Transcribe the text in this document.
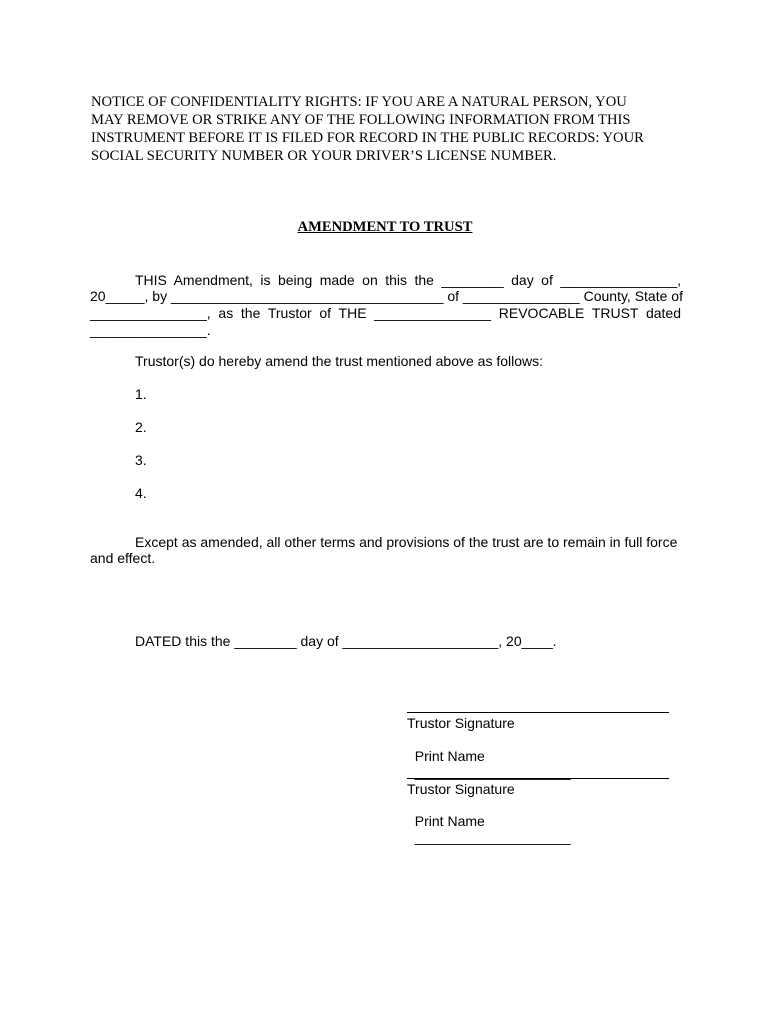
NOTICE OF CONFIDENTIALITY RIGHTS: IF YOU ARE A NATURAL PERSON, YOU
MAY REMOVE OR STRIKE ANY OF THE FOLLOWING INFORMATION FROM THIS
INSTRUMENT BEFORE IT IS FILED FOR RECORD IN THE PUBLIC RECORDS: YOUR
SOCIAL SECURITY NUMBER OR YOUR DRIVER’S LICENSE NUMBER.
AMENDMENT TO TRUST
THIS Amendment, is being made on this the ________ day of _______________,
20_____, by ___________________________________ of _______________ County, State of
_______________, as the Trustor of THE _______________ REVOCABLE TRUST dated
_______________.
Trustor(s) do hereby amend the trust mentioned above as follows:
1.
2.
3.
4.
Except as amended, all other terms and provisions of the trust are to remain in full force
and effect.
DATED this the ________ day of ____________________, 20____.
Trustor Signature

Print Name
____________________

Trustor Signature

Print Name
____________________
